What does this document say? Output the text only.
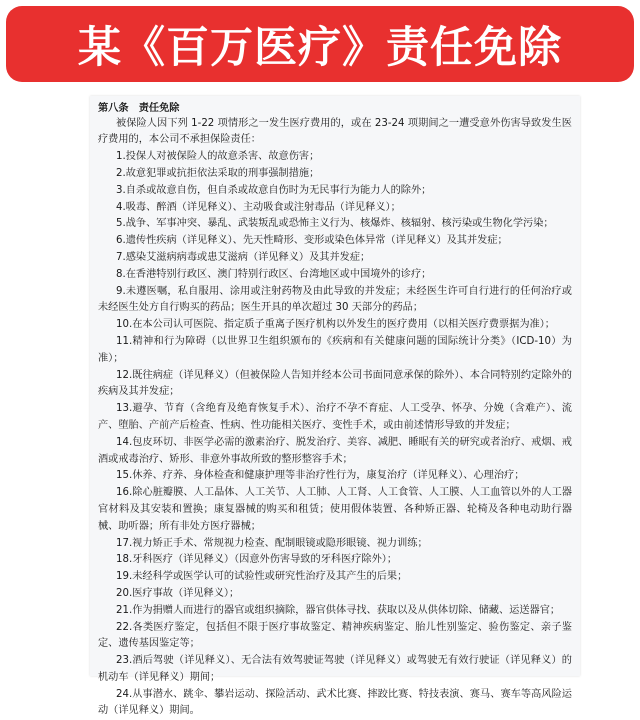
某《百万医疗》责任免除
第八条　责任免除
被保险人因下列 1-22 项情形之一发生医疗费用的，或在 23-24 项期间之一遭受意外伤害导致发生医疗费用的，本公司不承担保险责任：
1.投保人对被保险人的故意杀害、故意伤害；
2.故意犯罪或抗拒依法采取的刑事强制措施；
3.自杀或故意自伤，但自杀或故意自伤时为无民事行为能力人的除外；
4.吸毒、醉酒（详见释义）、主动吸食或注射毒品（详见释义）；
5.战争、军事冲突、暴乱、武装叛乱或恐怖主义行为、核爆炸、核辐射、核污染或生物化学污染；
6.遗传性疾病（详见释义）、先天性畸形、变形或染色体异常（详见释义）及其并发症；
7.感染艾滋病病毒或患艾滋病（详见释义）及其并发症；
8.在香港特别行政区、澳门特别行政区、台湾地区或中国境外的诊疗；
9.未遵医嘱，私自服用、涂用或注射药物及由此导致的并发症；未经医生许可自行进行的任何治疗或未经医生处方自行购买的药品；医生开具的单次超过 30 天部分的药品；
10.在本公司认可医院、指定质子重离子医疗机构以外发生的医疗费用（以相关医疗费票据为准）；
11.精神和行为障碍（以世界卫生组织颁布的《疾病和有关健康问题的国际统计分类》（ICD-10）为准）；
12.既往病症（详见释义）（但被保险人告知并经本公司书面同意承保的除外）、本合同特别约定除外的疾病及其并发症；
13.避孕、节育（含绝育及绝育恢复手术）、治疗不孕不育症、人工受孕、怀孕、分娩（含难产）、流产、堕胎、产前产后检查、性病、性功能相关医疗、变性手术，或由前述情形导致的并发症；
14.包皮环切、非医学必需的激素治疗、脱发治疗、美容、减肥、睡眠有关的研究或者治疗、戒烟、戒酒或戒毒治疗、矫形、非意外事故所致的整形整容手术；
15.休养、疗养、身体检查和健康护理等非治疗性行为，康复治疗（详见释义）、心理治疗；
16.除心脏瓣膜、人工晶体、人工关节、人工肺、人工肾、人工食管、人工膜、人工血管以外的人工器官材料及其安装和置换；康复器械的购买和租赁；使用假体装置、各种矫正器、轮椅及各种电动助行器械、助听器；所有非处方医疗器械；
17.视力矫正手术、常规视力检查、配制眼镜或隐形眼镜、视力训练；
18.牙科医疗（详见释义）（因意外伤害导致的牙科医疗除外）；
19.未经科学或医学认可的试验性或研究性治疗及其产生的后果；
20.医疗事故（详见释义）；
21.作为捐赠人而进行的器官或组织摘除，器官供体寻找、获取以及从供体切除、储藏、运送器官；
22.各类医疗鉴定，包括但不限于医疗事故鉴定、精神疾病鉴定、胎儿性别鉴定、验伤鉴定、亲子鉴定、遗传基因鉴定等；
23.酒后驾驶（详见释义）、无合法有效驾驶证驾驶（详见释义）或驾驶无有效行驶证（详见释义）的机动车（详见释义）期间；
24.从事潜水、跳伞、攀岩运动、探险活动、武术比赛、摔跤比赛、特技表演、赛马、赛车等高风险运动（详见释义）期间。
